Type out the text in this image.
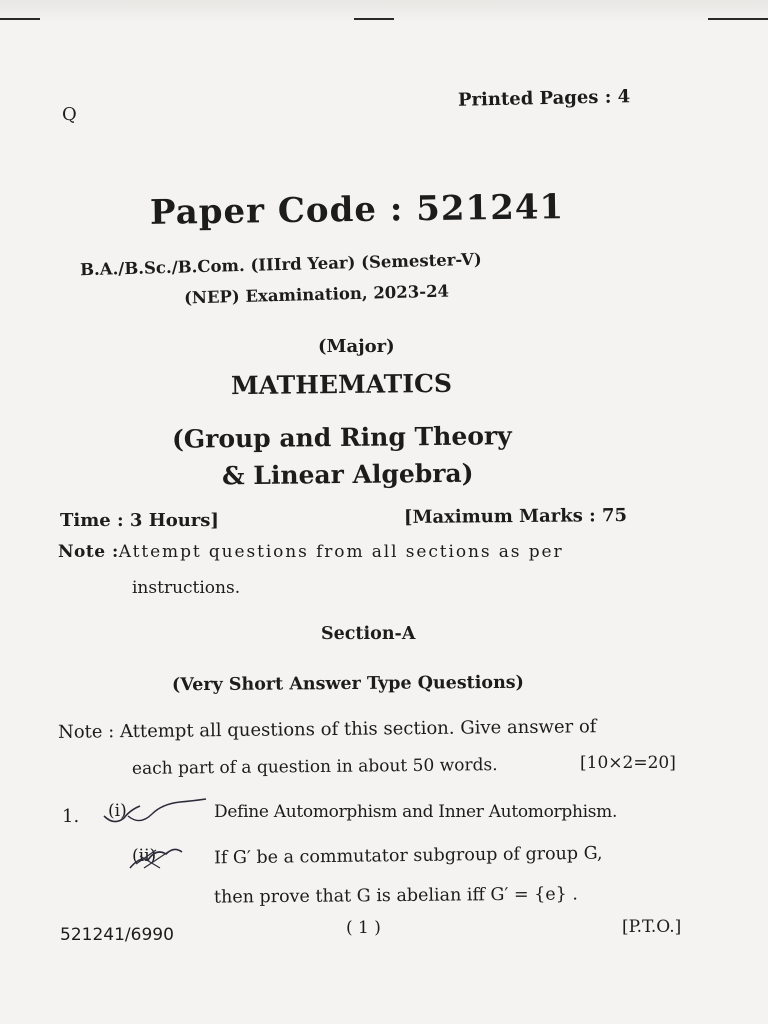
Q
Printed Pages : 4
Paper Code : 521241
B.A./B.Sc./B.Com. (IIIrd Year) (Semester-V)
(NEP) Examination, 2023-24
(Major)
MATHEMATICS
(Group and Ring Theory
& Linear Algebra)
Time : 3 Hours]	[Maximum Marks : 75
Note :Attempt questions from all sections as per
instructions.
Section-A
(Very Short Answer Type Questions)
Note : Attempt all questions of this section. Give answer of
each part of a question in about 50 words.	[10×2=20]
1. (i)	Define Automorphism and Inner Automorphism.
(ii)	If G′ be a commutator subgroup of group G,
then prove that G is abelian iff G′ = {e} .
521241/6990	( 1 )	[P.T.O.]
